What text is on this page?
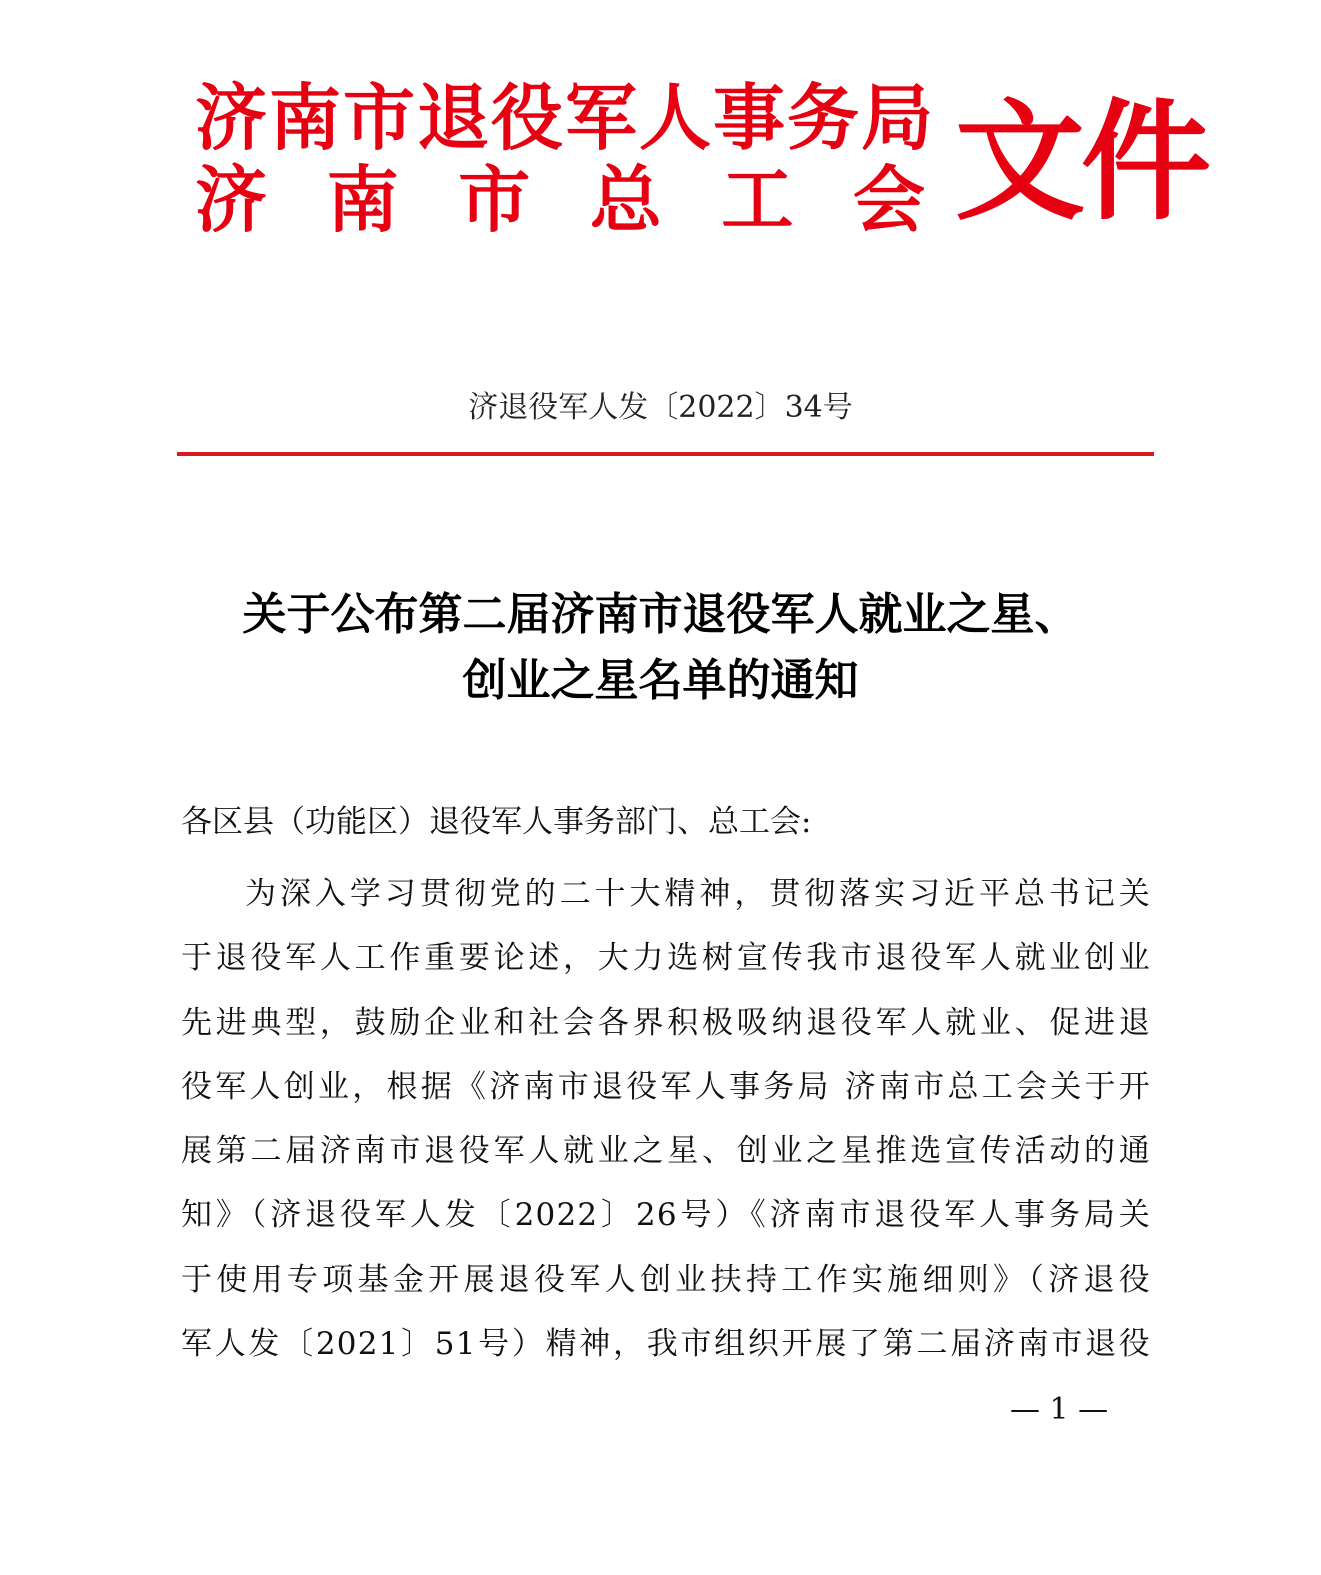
济南市退役军人事务局
济 南 市 总 工 会 文件
济退役军人发〔2022〕34号
关于公布第二届济南市退役军人就业之星、
创业之星名单的通知
各区县（功能区）退役军人事务部门、总工会:
为深入学习贯彻党的二十大精神，贯彻落实习近平总书记关
于退役军人工作重要论述，大力选树宣传我市退役军人就业创业
先进典型，鼓励企业和社会各界积极吸纳退役军人就业、促进退
役军人创业，根据《济南市退役军人事务局 济南市总工会关于开
展第二届济南市退役军人就业之星、创业之星推选宣传活动的通
知》（济退役军人发〔2022〕26号）《济南市退役军人事务局关
于使用专项基金开展退役军人创业扶持工作实施细则》（济退役
军人发〔2021〕51号）精神，我市组织开展了第二届济南市退役
— 1 —
